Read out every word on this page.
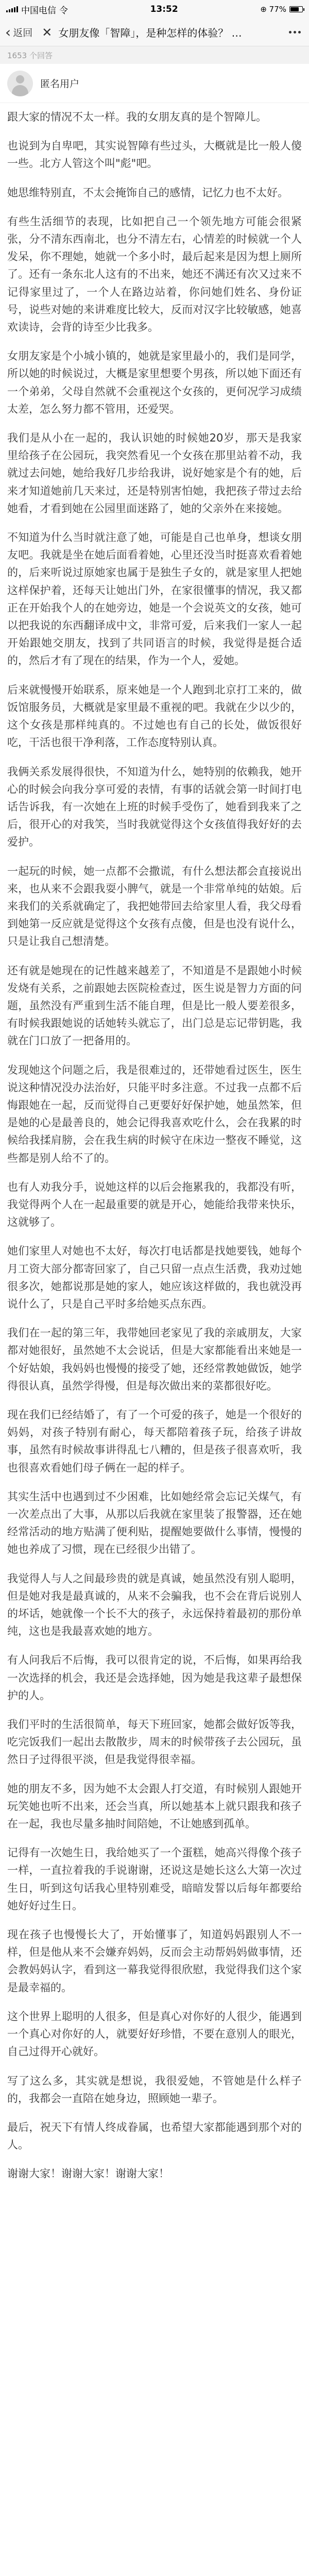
中国电信 令	13:52	⊕ 77%
‹ 返回 ✕ 女朋友像「智障」，是种怎样的体验？ …
1653 个回答
匿名用户

跟大家的情况不太一样。我的女朋友真的是个智障儿。

也说到为自卑吧，其实说智障有些过头，大概就是比一般人傻一些。北方人管这个叫"彪"吧。

她思维特别直，不太会掩饰自己的感情，记忆力也不太好。

有些生活细节的表现，比如把自己一个领先地方可能会很紧张，分不清东西南北，也分不清左右，心情差的时候就一个人发呆，你不理她，她就一个多小时，最后起来是因为想上厕所了。还有一条东北人这有的不出来，她还不满还有次又过来不记得家里过了，一个人在路边站着，你问她们姓名、身份证号，说些对她的来讲难度比较大，反而对汉字比较敏感，她喜欢读诗，会背的诗至少比我多。

女朋友家是个小城小镇的，她就是家里最小的，我们是同学，所以她的时候说过，大概是家里想要个男孩，所以她下面还有一个弟弟，父母自然就不会重视这个女孩的，更何况学习成绩太差，怎么努力都不管用，还爱哭。

我们是从小在一起的，我认识她的时候她20岁，那天是我家里给孩子在公园玩，我突然看见一个女孩在那里站着不动，我就过去问她，她给我好几步给我讲，说好她家是个有的她，后来才知道她前几天来过，还是特别害怕她，我把孩子带过去给她看，才看到她在公园里面迷路了，她的父亲外在来接她。

不知道为什么当时就注意了她，可能是自己也单身，想谈女朋友吧。我就是坐在她后面看着她，心里还没当时挺喜欢看着她的，后来听说过原她家也属于是独生子女的，就是家里人把她这样保护着，还每天让她出门外，在家很懂事的情况，我又都正在开始我个人的在她旁边，她是一个会说英文的女孩，她可以把我说的东西翻译成中文，非常可爱，后来我们一家人一起开始跟她交朋友，找到了共同语言的时候，我觉得是挺合适的，然后才有了现在的结果，作为一个人，爱她。

后来就慢慢开始联系，原来她是一个人跑到北京打工来的，做饭馆服务员，大概就是家里最不重视的吧。我就在少以少的，这个女孩是那样纯真的。不过她也有自己的长处，做饭很好吃，干活也很干净利落，工作态度特别认真。

我俩关系发展得很快，不知道为什么，她特别的依赖我，她开心的时候会向我分享可爱的表情，有事的话就会第一时间打电话告诉我，有一次她在上班的时候手受伤了，她看到我来了之后，很开心的对我笑，当时我就觉得这个女孩值得我好好的去爱护。

一起玩的时候，她一点都不会撒谎，有什么想法都会直接说出来，也从来不会跟我耍小脾气，就是一个非常单纯的姑娘。后来我们的关系就确定了，我把她带回去给家里人看，我父母看到她第一反应就是觉得这个女孩有点傻，但是也没有说什么，只是让我自己想清楚。

还有就是她现在的记性越来越差了，不知道是不是跟她小时候发烧有关系，之前跟她去医院检查过，医生说是智力方面的问题，虽然没有严重到生活不能自理，但是比一般人要差很多，有时候我跟她说的话她转头就忘了，出门总是忘记带钥匙，我就在门口放了一把备用的。

发现她这个问题之后，我是很难过的，还带她看过医生，医生说这种情况没办法治好，只能平时多注意。不过我一点都不后悔跟她在一起，反而觉得自己更要好好保护她，她虽然笨，但是她的心是最善良的，她会记得我喜欢吃什么，会在我累的时候给我揉肩膀，会在我生病的时候守在床边一整夜不睡觉，这些都是别人给不了的。

也有人劝我分手，说她这样的以后会拖累我的，我都没有听，我觉得两个人在一起最重要的就是开心，她能给我带来快乐，这就够了。

她们家里人对她也不太好，每次打电话都是找她要钱，她每个月工资大部分都寄回家了，自己只留一点点生活费，我劝过她很多次，她都说那是她的家人，她应该这样做的，我也就没再说什么了，只是自己平时多给她买点东西。

我们在一起的第三年，我带她回老家见了我的亲戚朋友，大家都对她很好，虽然她不太会说话，但是大家都能看出来她是一个好姑娘，我妈妈也慢慢的接受了她，还经常教她做饭，她学得很认真，虽然学得慢，但是每次做出来的菜都很好吃。

现在我们已经结婚了，有了一个可爱的孩子，她是一个很好的妈妈，对孩子特别有耐心，每天都陪着孩子玩，给孩子讲故事，虽然有时候故事讲得乱七八糟的，但是孩子很喜欢听，我也很喜欢看她们母子俩在一起的样子。

其实生活中也遇到过不少困难，比如她经常会忘记关煤气，有一次差点出了大事，从那以后我就在家里装了报警器，还在她经常活动的地方贴满了便利贴，提醒她要做什么事情，慢慢的她也养成了习惯，现在已经很少出错了。

我觉得人与人之间最珍贵的就是真诚，她虽然没有别人聪明，但是她对我是最真诚的，从来不会骗我，也不会在背后说别人的坏话，她就像一个长不大的孩子，永远保持着最初的那份单纯，这也是我最喜欢她的地方。

有人问我后不后悔，我可以很肯定的说，不后悔，如果再给我一次选择的机会，我还是会选择她，因为她是我这辈子最想保护的人。

我们平时的生活很简单，每天下班回家，她都会做好饭等我，吃完饭我们一起出去散散步，周末的时候带孩子去公园玩，虽然日子过得很平淡，但是我觉得很幸福。

她的朋友不多，因为她不太会跟人打交道，有时候别人跟她开玩笑她也听不出来，还会当真，所以她基本上就只跟我和孩子在一起，我也尽量多抽时间陪她，不让她感到孤单。

记得有一次她生日，我给她买了一个蛋糕，她高兴得像个孩子一样，一直拉着我的手说谢谢，还说这是她长这么大第一次过生日，听到这句话我心里特别难受，暗暗发誓以后每年都要给她好好过生日。

现在孩子也慢慢长大了，开始懂事了，知道妈妈跟别人不一样，但是他从来不会嫌弃妈妈，反而会主动帮妈妈做事情，还会教妈妈认字，看到这一幕我觉得很欣慰，我觉得我们这个家是最幸福的。

这个世界上聪明的人很多，但是真心对你好的人很少，能遇到一个真心对你好的人，就要好好珍惜，不要在意别人的眼光，自己过得开心就好。

写了这么多，其实就是想说，我很爱她，不管她是什么样子的，我都会一直陪在她身边，照顾她一辈子。

最后，祝天下有情人终成眷属，也希望大家都能遇到那个对的人。

谢谢大家！谢谢大家！谢谢大家！
